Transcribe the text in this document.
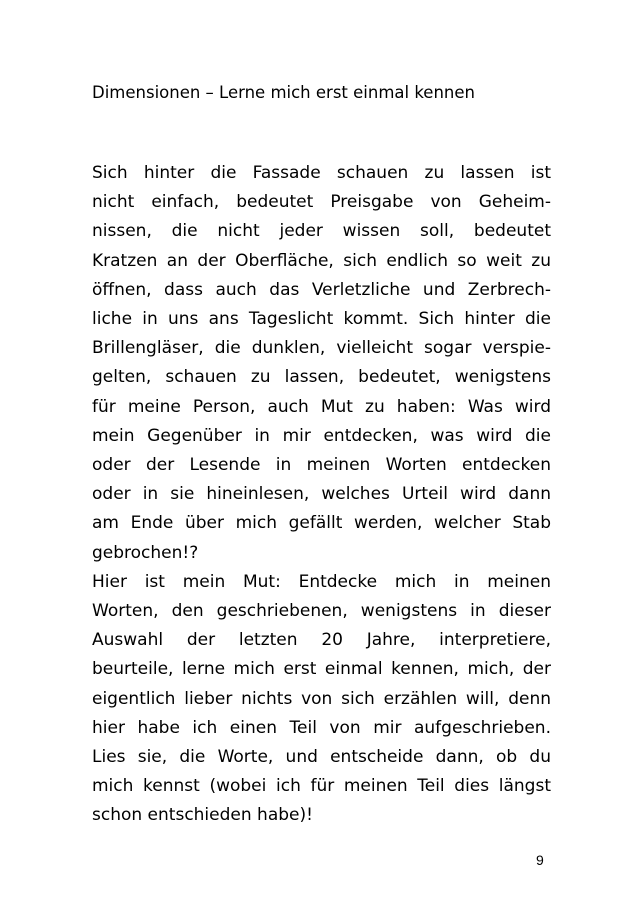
Dimensionen – Lerne mich erst einmal kennen

Sich hinter die Fassade schauen zu lassen ist
nicht einfach, bedeutet Preisgabe von Geheim-
nissen, die nicht jeder wissen soll, bedeutet
Kratzen an der Oberfläche, sich endlich so weit zu
öffnen, dass auch das Verletzliche und Zerbrech-
liche in uns ans Tageslicht kommt. Sich hinter die
Brillengläser, die dunklen, vielleicht sogar verspie-
gelten, schauen zu lassen, bedeutet, wenigstens
für meine Person, auch Mut zu haben: Was wird
mein Gegenüber in mir entdecken, was wird die
oder der Lesende in meinen Worten entdecken
oder in sie hineinlesen, welches Urteil wird dann
am Ende über mich gefällt werden, welcher Stab
gebrochen!?

Hier ist mein Mut: Entdecke mich in meinen
Worten, den geschriebenen, wenigstens in dieser
Auswahl der letzten 20 Jahre, interpretiere,
beurteile, lerne mich erst einmal kennen, mich, der
eigentlich lieber nichts von sich erzählen will, denn
hier habe ich einen Teil von mir aufgeschrieben.
Lies sie, die Worte, und entscheide dann, ob du
mich kennst (wobei ich für meinen Teil dies längst
schon entschieden habe)!

9
